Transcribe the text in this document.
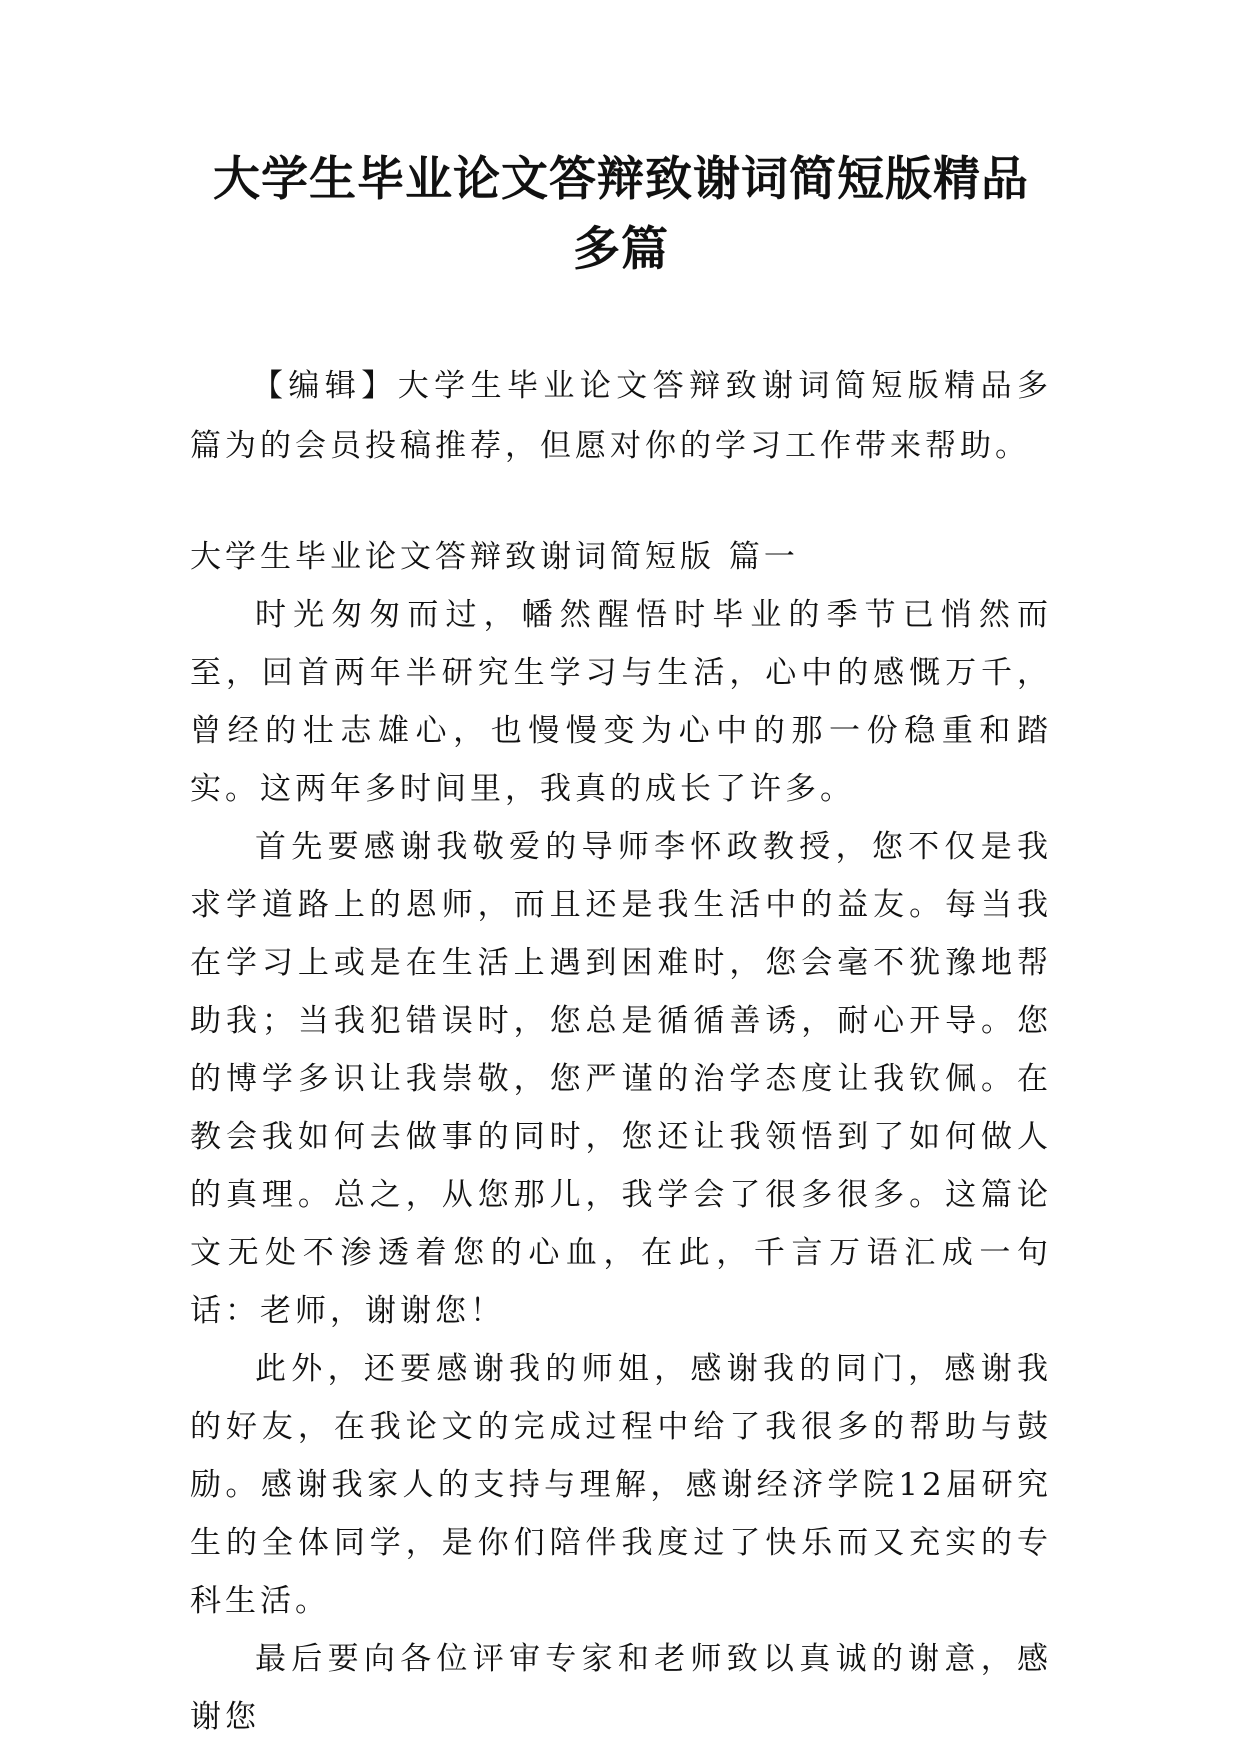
大学生毕业论文答辩致谢词简短版精品多篇

【编辑】大学生毕业论文答辩致谢词简短版精品多篇为的会员投稿推荐，但愿对你的学习工作带来帮助。

大学生毕业论文答辩致谢词简短版 篇一

时光匆匆而过，幡然醒悟时毕业的季节已悄然而至，回首两年半研究生学习与生活，心中的感慨万千，曾经的壮志雄心，也慢慢变为心中的那一份稳重和踏实。这两年多时间里，我真的成长了许多。

首先要感谢我敬爱的导师李怀政教授，您不仅是我求学道路上的恩师，而且还是我生活中的益友。每当我在学习上或是在生活上遇到困难时，您会毫不犹豫地帮助我；当我犯错误时，您总是循循善诱，耐心开导。您的博学多识让我崇敬，您严谨的治学态度让我钦佩。在教会我如何去做事的同时，您还让我领悟到了如何做人的真理。总之，从您那儿，我学会了很多很多。这篇论文无处不渗透着您的心血，在此，千言万语汇成一句话：老师，谢谢您！

此外，还要感谢我的师姐，感谢我的同门，感谢我的好友，在我论文的完成过程中给了我很多的帮助与鼓励。感谢我家人的支持与理解，感谢经济学院12届研究生的全体同学，是你们陪伴我度过了快乐而又充实的专科生活。

最后要向各位评审专家和老师致以真诚的谢意，感谢您
